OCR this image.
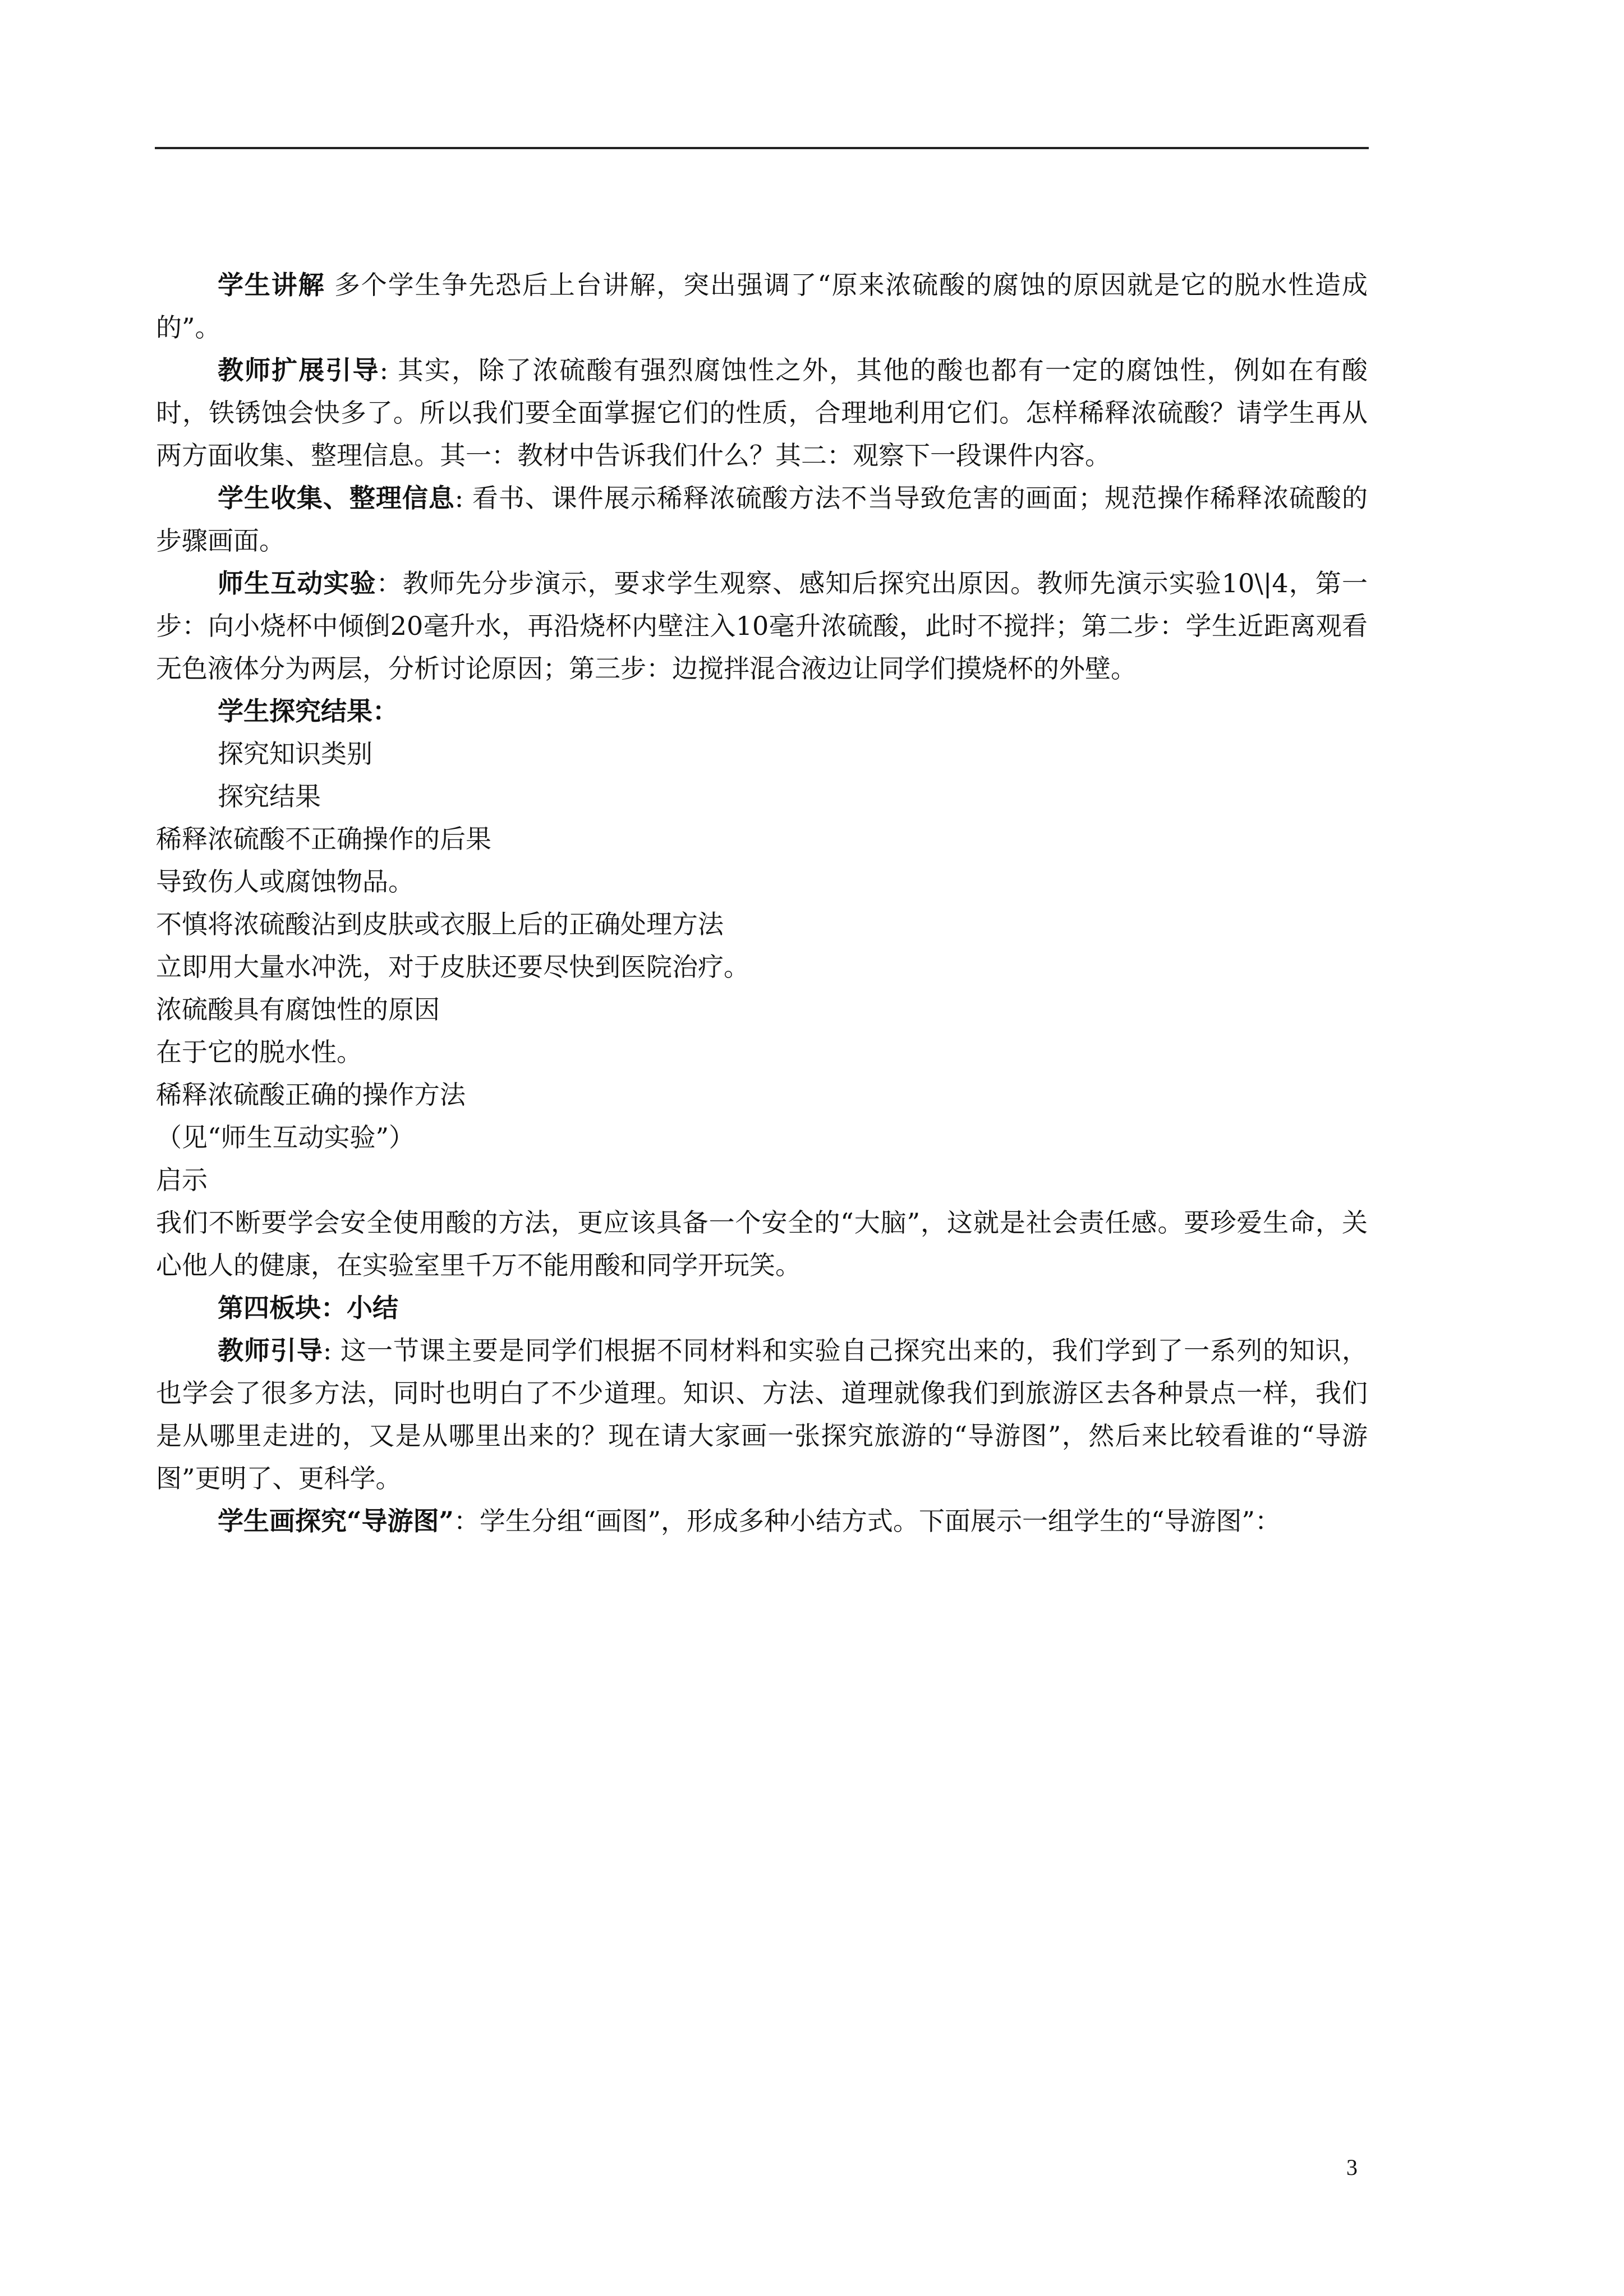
学生讲解 多个学生争先恐后上台讲解，突出强调了“原来浓硫酸的腐蚀的原因就是它的脱水性造成的”。

教师扩展引导: 其实，除了浓硫酸有强烈腐蚀性之外，其他的酸也都有一定的腐蚀性，例如在有酸时，铁锈蚀会快多了。所以我们要全面掌握它们的性质，合理地利用它们。怎样稀释浓硫酸？请学生再从两方面收集、整理信息。其一：教材中告诉我们什么？其二：观察下一段课件内容。

学生收集、整理信息: 看书、课件展示稀释浓硫酸方法不当导致危害的画面；规范操作稀释浓硫酸的步骤画面。

师生互动实验：教师先分步演示，要求学生观察、感知后探究出原因。教师先演示实验10\|4，第一步：向小烧杯中倾倒20毫升水，再沿烧杯内壁注入10毫升浓硫酸，此时不搅拌；第二步：学生近距离观看无色液体分为两层，分析讨论原因；第三步：边搅拌混合液边让同学们摸烧杯的外壁。

学生探究结果：

探究知识类别

探究结果

稀释浓硫酸不正确操作的后果

导致伤人或腐蚀物品。

不慎将浓硫酸沾到皮肤或衣服上后的正确处理方法

立即用大量水冲洗，对于皮肤还要尽快到医院治疗。

浓硫酸具有腐蚀性的原因

在于它的脱水性。

稀释浓硫酸正确的操作方法

（见“师生互动实验”）

启示

我们不断要学会安全使用酸的方法，更应该具备一个安全的“大脑”，这就是社会责任感。要珍爱生命，关心他人的健康，在实验室里千万不能用酸和同学开玩笑。

第四板块：小结

教师引导: 这一节课主要是同学们根据不同材料和实验自己探究出来的，我们学到了一系列的知识，也学会了很多方法，同时也明白了不少道理。知识、方法、道理就像我们到旅游区去各种景点一样，我们是从哪里走进的，又是从哪里出来的？现在请大家画一张探究旅游的“导游图”，然后来比较看谁的“导游图”更明了、更科学。

学生画探究“导游图”：学生分组“画图”，形成多种小结方式。下面展示一组学生的“导游图”：

3
